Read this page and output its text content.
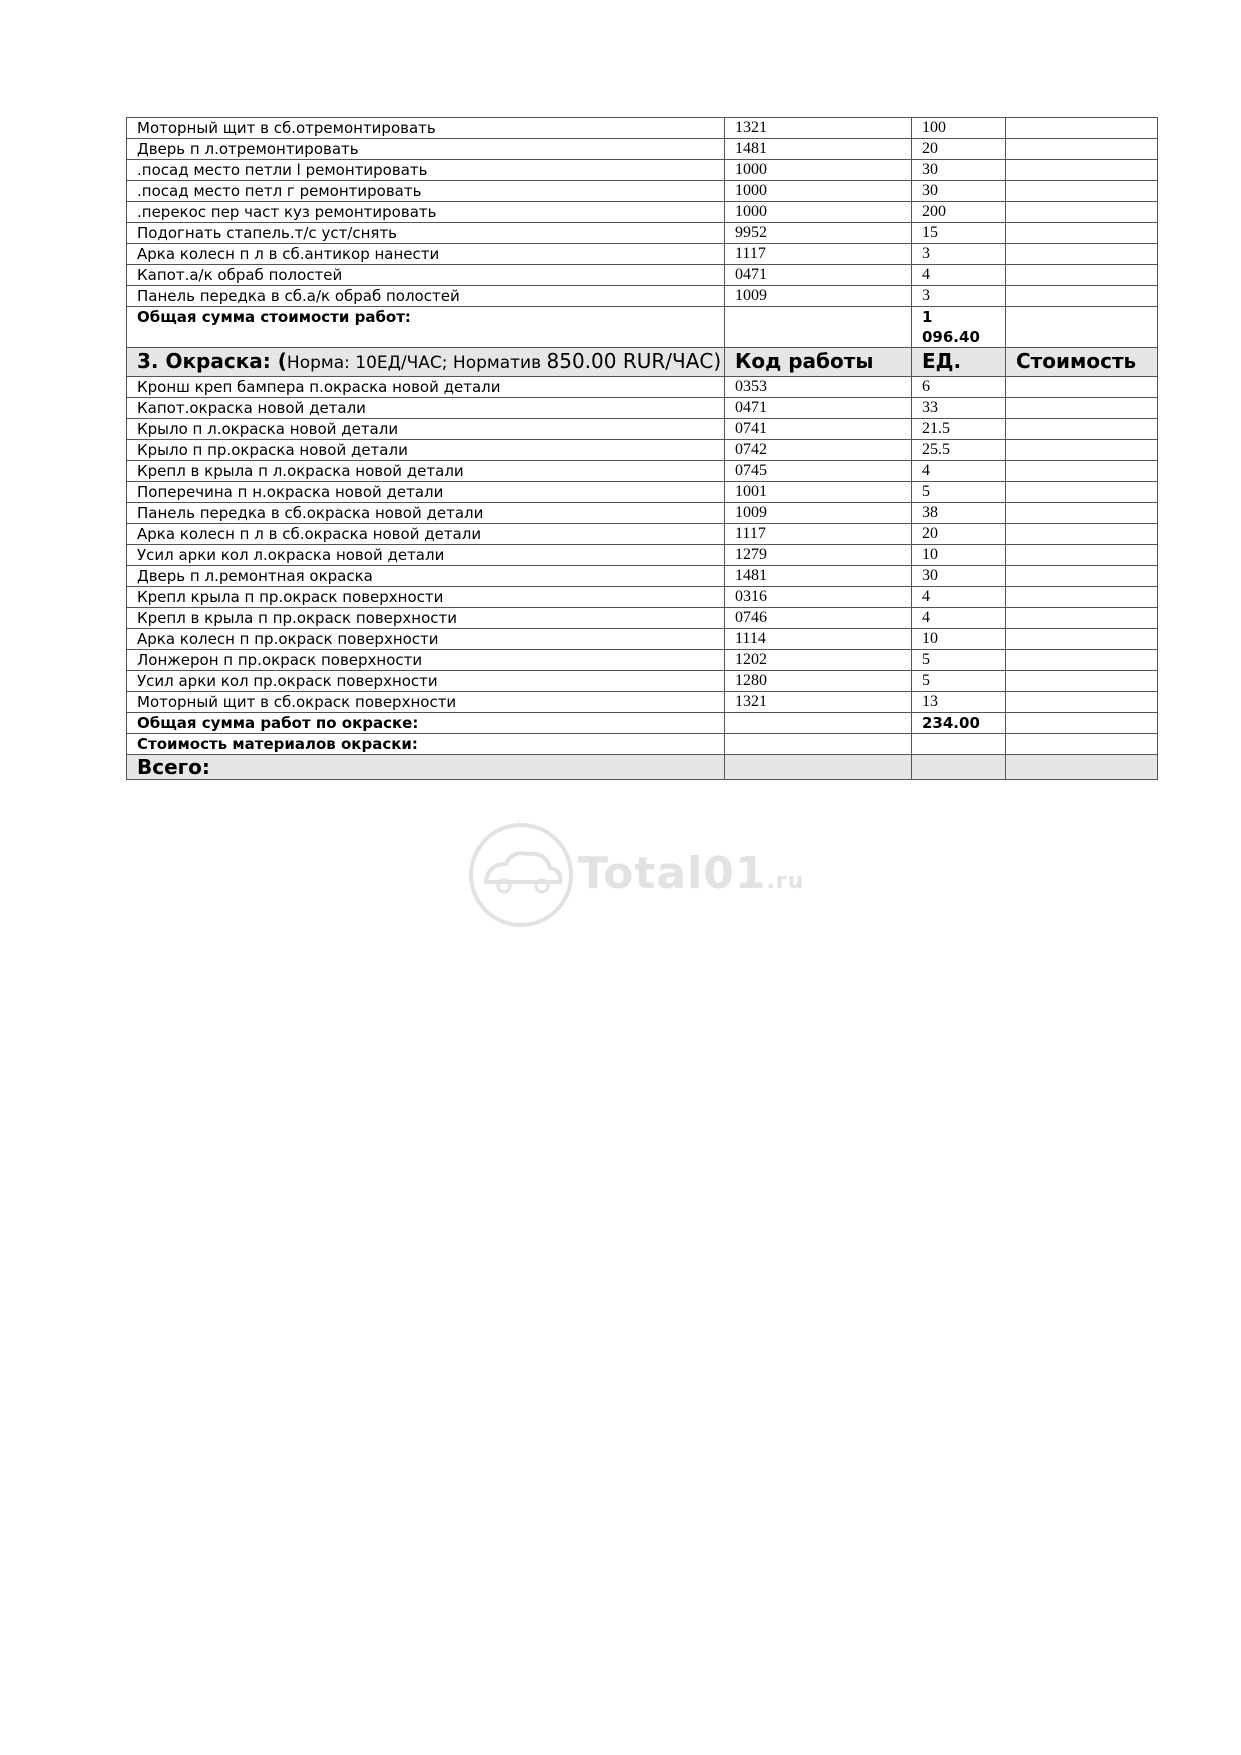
Моторный щит в сб.отремонтировать	1321	100	
Дверь п л.отремонтировать	1481	20	
.посад место петли l ремонтировать	1000	30	
.посад место петл г ремонтировать	1000	30	
.перекос пер част куз ремонтировать	1000	200	
Подогнать стапель.т/с уст/снять	9952	15	
Арка колесн п л в сб.антикор нанести	1117	3	
Капот.а/к обраб полостей	0471	4	
Панель передка в сб.а/к обраб полостей	1009	3	
Общая сумма стоимости работ:		1
096.40	

3. Окраска: (Норма: 10ЕД/ЧАС; Норматив 850.00 RUR/ЧАС)	Код работы	ЕД.	Стоимость
Кронш креп бампера п.окраска новой детали	0353	6	
Капот.окраска новой детали	0471	33	
Крыло п л.окраска новой детали	0741	21.5	
Крыло п пр.окраска новой детали	0742	25.5	
Крепл в крыла п л.окраска новой детали	0745	4	
Поперечина п н.окраска новой детали	1001	5	
Панель передка в сб.окраска новой детали	1009	38	
Арка колесн п л в сб.окраска новой детали	1117	20	
Усил арки кол л.окраска новой детали	1279	10	
Дверь п л.ремонтная окраска	1481	30	
Крепл крыла п пр.окраск поверхности	0316	4	
Крепл в крыла п пр.окраск поверхности	0746	4	
Арка колесн п пр.окраск поверхности	1114	10	
Лонжерон п пр.окраск поверхности	1202	5	
Усил арки кол пр.окраск поверхности	1280	5	
Моторный щит в сб.окраск поверхности	1321	13	
Общая сумма работ по окраске:		234.00	
Стоимость материалов окраски:			
Всего:			
Total01.ru
